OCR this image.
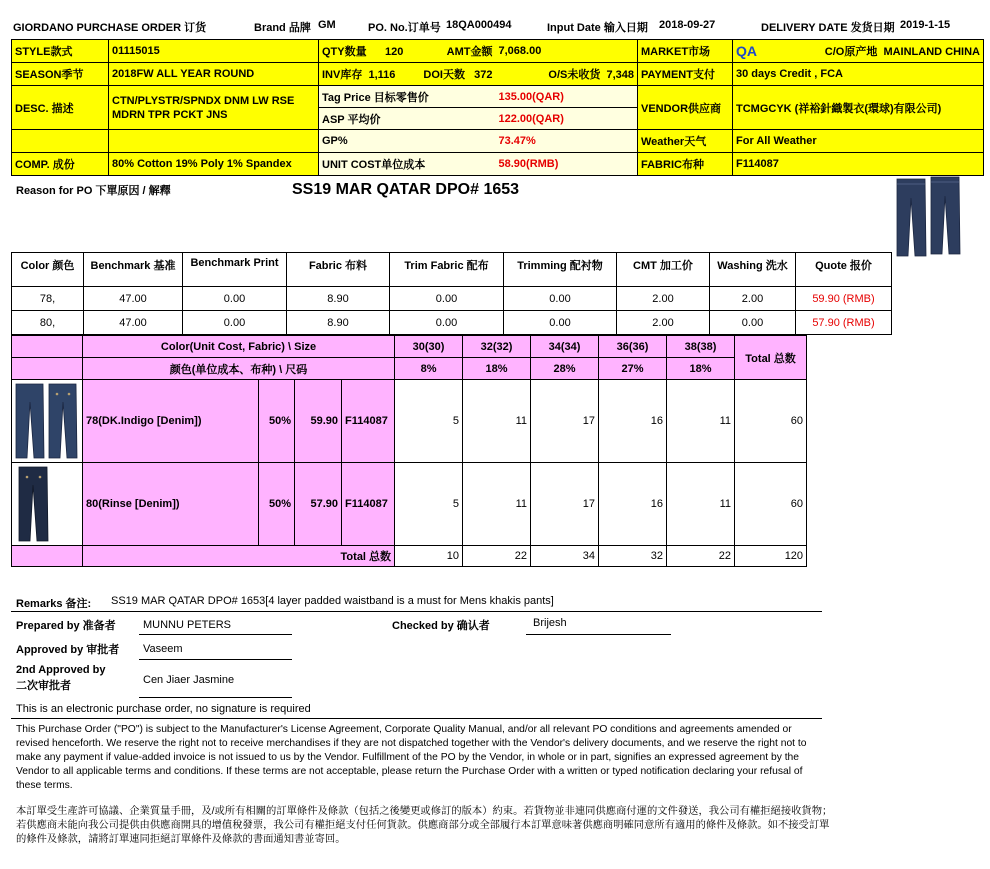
GIORDANO PURCHASE ORDER 订货	Brand 品牌 GM	PO. No.订单号 18QA000494	Input Date 输入日期 2018-09-27	DELIVERY DATE 发货日期 2019-1-15
STYLE款式	01115015	QTY数量 120	AMT金额	7,068.00	MARKET市场	QA	C/O原产地 MAINLAND CHINA
SEASON季节	2018FW ALL YEAR ROUND	INV库存 1,116	DOI天数 372	O/S未收货 7,348	PAYMENT支付	30 days Credit , FCA	
DESC. 描述	CTN/PLYSTR/SPNDX DNM LW RSE
MDRN TPR PCKT JNS	Tag Price 目标零售价		135.00(QAR)	VENDOR供应商	TCMGCYK (祥裕針織製衣(環球)有限公司)	
		ASP 平均价		122.00(QAR)			
		GP%		73.47%	Weather天气	For All Weather	
COMP. 成份	80% Cotton 19% Poly 1% Spandex	UNIT COST单位成本		58.90(RMB)	FABRIC布种	F114087	
Reason for PO 下單原因 / 解釋	SS19 MAR QATAR DPO# 1653
Color 颜色	Benchmark 基准	Benchmark Print	Fabric 布料	Trim Fabric 配布	Trimming 配衬物	CMT 加工价	Washing 洗水	Quote 报价
78,	47.00	0.00	8.90	0.00	0.00	2.00	2.00	59.90 (RMB)
80,	47.00	0.00	8.90	0.00	0.00	2.00	0.00	57.90 (RMB)
	Color(Unit Cost, Fabric) \ Size				30(30)	32(32)	34(34)	36(36)	38(38)	Total 总数
	颜色(单位成本、布种) \ 尺码				8%	18%	28%	27%	18%	

	78(DK.Indigo [Denim])	50%	59.90	F114087	5	11	17	16	11	60

	80(Rinse [Denim])	50%	57.90	F114087	5	11	17	16	11	60
	Total 总数				10	22	34	32	22	120
Remarks 备注: SS19 MAR QATAR DPO# 1653[4 layer padded waistband is a must for Mens khakis pants]
Prepared by 准备者 MUNNU PETERS	Checked by 确认者	Brijesh
Approved by 审批者 Vaseem
2nd Approved by
二次审批者	Cen Jiaer Jasmine
This is an electronic purchase order, no signature is required
This Purchase Order ("PO") is subject to the Manufacturer's License Agreement, Corporate Quality Manual, and/or all relevant PO conditions and agreements amended or revised henceforth. We reserve the right not to receive merchandises if they are not dispatched together with the Vendor's delivery documents, and we reserve the right not to make any payment if value-added invoice is not issued to us by the Vendor. Fulfillment of the PO by the Vendor, in whole or in part, signifies an expressed agreement by the Vendor to all applicable terms and conditions. If these terms are not acceptable, please return the Purchase Order with a written or typed notification declaring your refusal of these terms.
本訂單受生產許可協議、企業質量手冊，及/或所有相關的訂單條件及條款（包括之後變更或修訂的版本）約束。若貨物並非連同供應商付運的文件發送，我公司有權拒絕接收貨物；若供應商未能向我公司提供由供應商開具的增值稅發票，我公司有權拒絕支付任何貨款。供應商部分或全部履行本訂單意味著供應商明確同意所有適用的條件及條款。如不接受訂單的條件及條款，請將訂單連同拒絕訂單條件及條款的書面通知書並寄回。
